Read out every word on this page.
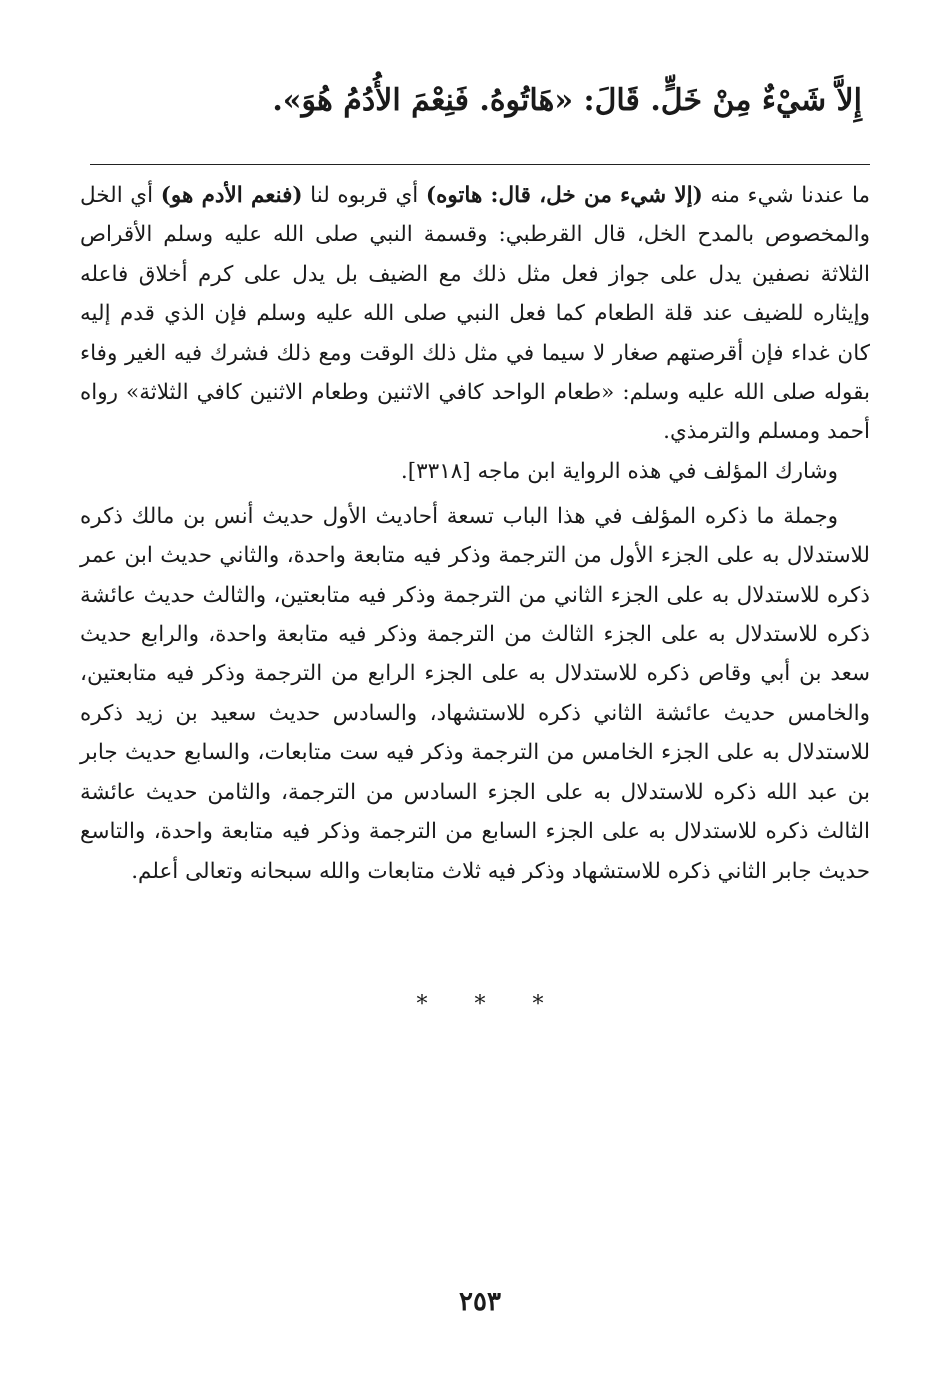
إِلاَّ شَيْءٌ مِنْ خَلٍّ. قَالَ: «هَاتُوهُ. فَنِعْمَ الأُدُمُ هُوَ».

ما عندنا شيء منه (إلا شيء من خل، قال: هاتوه) أي قربوه لنا (فنعم الأدم هو) أي الخل والمخصوص بالمدح الخل، قال القرطبي: وقسمة النبي صلى الله عليه وسلم الأقراص الثلاثة نصفين يدل على جواز فعل مثل ذلك مع الضيف بل يدل على كرم أخلاق فاعله وإيثاره للضيف عند قلة الطعام كما فعل النبي صلى الله عليه وسلم فإن الذي قدم إليه كان غداء فإن أقرصتهم صغار لا سيما في مثل ذلك الوقت ومع ذلك فشرك فيه الغير وفاء بقوله صلى الله عليه وسلم: «طعام الواحد كافي الاثنين وطعام الاثنين كافي الثلاثة» رواه أحمد ومسلم والترمذي.

وشارك المؤلف في هذه الرواية ابن ماجه [٣٣١٨].

وجملة ما ذكره المؤلف في هذا الباب تسعة أحاديث الأول حديث أنس بن مالك ذكره للاستدلال به على الجزء الأول من الترجمة وذكر فيه متابعة واحدة، والثاني حديث ابن عمر ذكره للاستدلال به على الجزء الثاني من الترجمة وذكر فيه متابعتين، والثالث حديث عائشة ذكره للاستدلال به على الجزء الثالث من الترجمة وذكر فيه متابعة واحدة، والرابع حديث سعد بن أبي وقاص ذكره للاستدلال به على الجزء الرابع من الترجمة وذكر فيه متابعتين، والخامس حديث عائشة الثاني ذكره للاستشهاد، والسادس حديث سعيد بن زيد ذكره للاستدلال به على الجزء الخامس من الترجمة وذكر فيه ست متابعات، والسابع حديث جابر بن عبد الله ذكره للاستدلال به على الجزء السادس من الترجمة، والثامن حديث عائشة الثالث ذكره للاستدلال به على الجزء السابع من الترجمة وذكر فيه متابعة واحدة، والتاسع حديث جابر الثاني ذكره للاستشهاد وذكر فيه ثلاث متابعات والله سبحانه وتعالى أعلم.

* * *
٢٥٣
